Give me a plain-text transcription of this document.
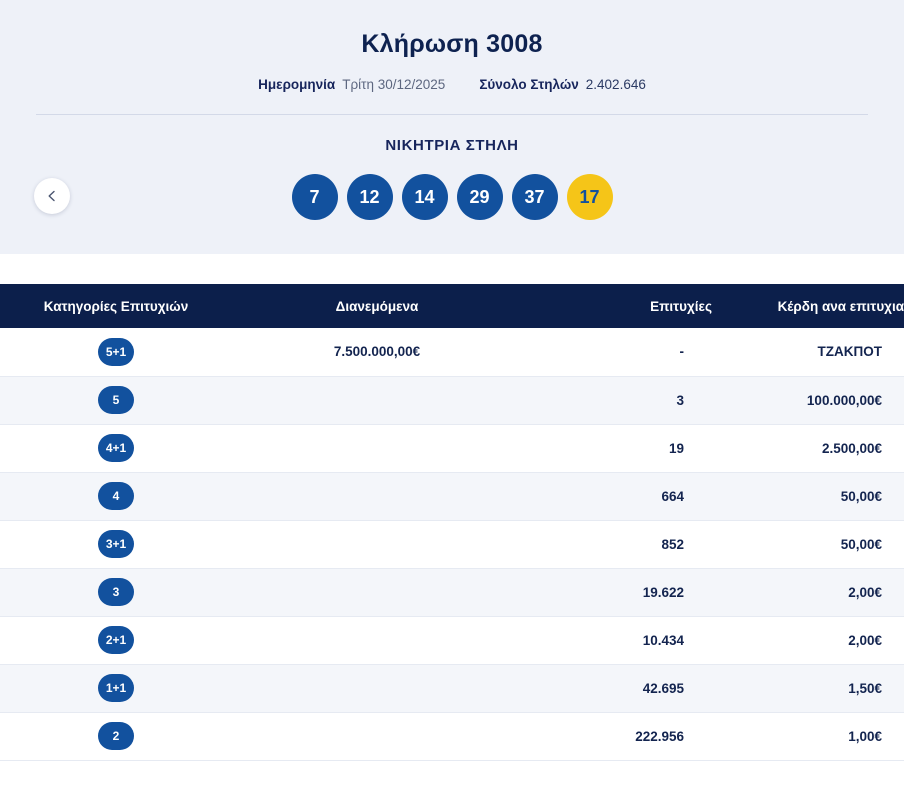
Κλήρωση 3008
Ημερομηνία Τρίτη 30/12/2025	Σύνολο Στηλών 2.402.646
ΝΙΚΗΤΡΙΑ ΣΤΗΛΗ
7	12	14	29	37	17
Κατηγορίες Επιτυχιών	Διανεμόμενα	Επιτυχίες	Κέρδη ανα επιτυχια
5+1	7.500.000,00€	-	ΤΖΑΚΠΟΤ
5		3	100.000,00€
4+1		19	2.500,00€
4		664	50,00€
3+1		852	50,00€
3		19.622	2,00€
2+1		10.434	2,00€
1+1		42.695	1,50€
2		222.956	1,00€
